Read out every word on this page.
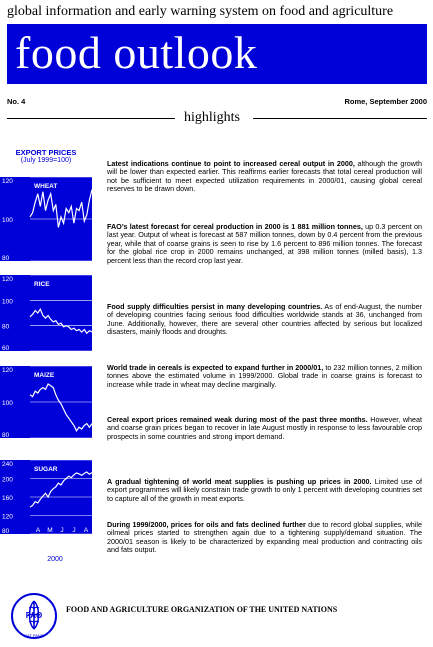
global information and early warning system on food and agriculture
food outlook
No. 4	Rome, September 2000
highlights
EXPORT PRICES
(July 1999=100)
80
100
120
WHEAT
60
80
100
120
RICE
80
100
120
MAIZE
80
120
160
200
240
SUGAR
A M J J A
2000

Latest indications continue to point to increased cereal output in 2000, although the growth will be lower than expected earlier. This reaffirms earlier forecasts that total cereal production will not be sufficient to meet expected utilization requirements in 2000/01, causing global cereal reserves to be drawn down.

FAO’s latest forecast for cereal production in 2000 is 1 881 million tonnes, up 0.3 percent on last year. Output of wheat is forecast at 587 million tonnes, down by 0.4 percent from the previous year, while that of coarse grains is seen to rise by 1.6 percent to 896 million tonnes. The forecast for the global rice crop in 2000 remains unchanged, at 398 million tonnes (milled basis), 1.3 percent less than the record crop last year.

Food supply difficulties persist in many developing countries. As of end-August, the number of developing countries facing serious food difficulties worldwide stands at 36, unchanged from June. Additionally, however, there are several other countries affected by serious but localized disasters, mainly floods and droughts.

World trade in cereals is expected to expand further in 2000/01, to 232 million tonnes, 2 million tonnes above the estimated volume in 1999/2000. Global trade in coarse grains is forecast to increase while trade in wheat may decline marginally.

Cereal export prices remained weak during most of the past three months. However, wheat and coarse grain prices began to recover in late August mostly in response to less favourable crop prospects in some countries and strong import demand.

A gradual tightening of world meat supplies is pushing up prices in 2000. Limited use of export programmes will likely constrain trade growth to only 1 percent with developing countries set to capture all of the growth in meat exports.

During 1999/2000, prices for oils and fats declined further due to record global supplies, while oilmeal prices started to strengthen again due to a tightening supply/demand situation. The 2000/01 season is likely to be characterized by expanding meal production and contracting oils and fats output.

FAO
FIAT PANIS
FOOD AND AGRICULTURE ORGANIZATION OF THE UNITED NATIONS
